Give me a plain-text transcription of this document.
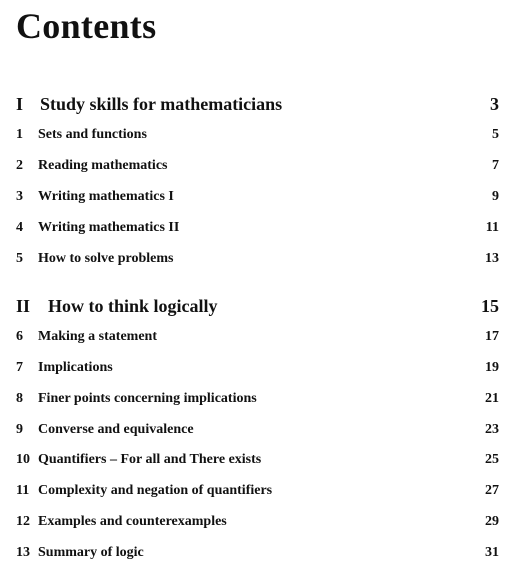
Contents
I Study skills for mathematicians	3
1	Sets and functions	5
2	Reading mathematics	7
3	Writing mathematics I	9
4	Writing mathematics II	11
5	How to solve problems	13
II How to think logically	15
6	Making a statement	17
7	Implications	19
8	Finer points concerning implications	21
9	Converse and equivalence	23
10 Quantifiers – For all and There exists	25
11 Complexity and negation of quantifiers	27
12 Examples and counterexamples	29
13 Summary of logic	31
